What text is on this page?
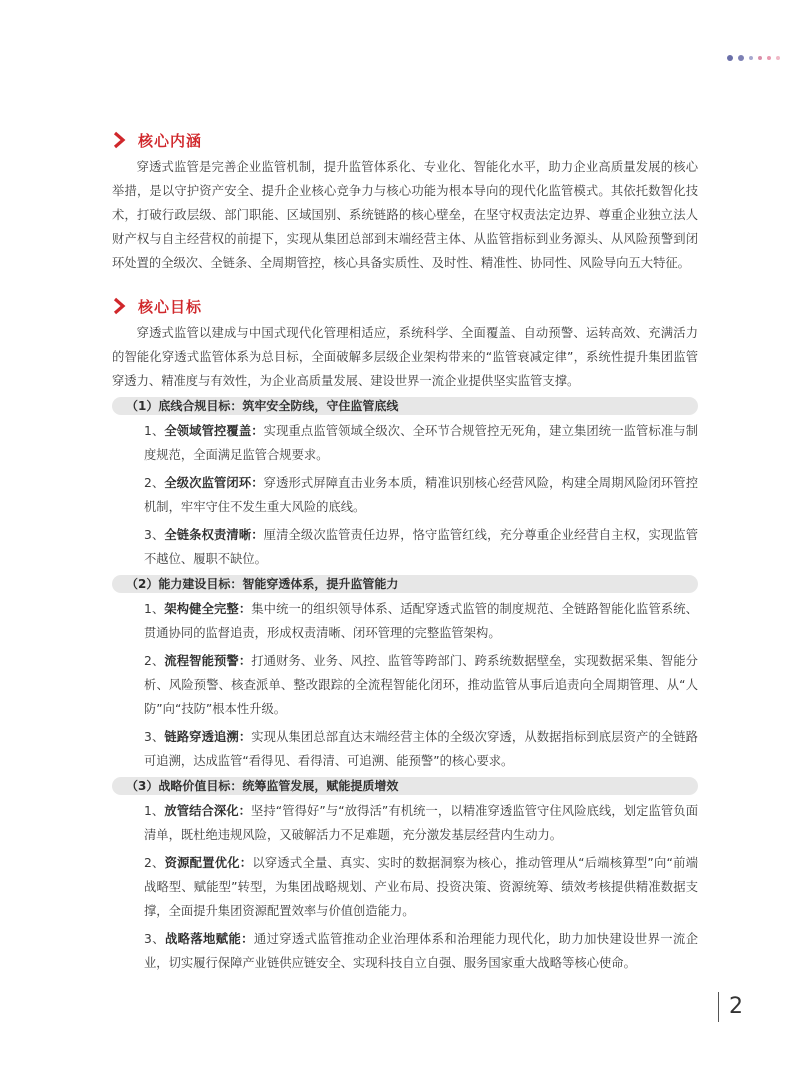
核心内涵

穿透式监管是完善企业监管机制，提升监管体系化、专业化、智能化水平，助力企业高质量发展的核心举措，是以守护资产安全、提升企业核心竞争力与核心功能为根本导向的现代化监管模式。其依托数智化技术，打破行政层级、部门职能、区域国别、系统链路的核心壁垒，在坚守权责法定边界、尊重企业独立法人财产权与自主经营权的前提下，实现从集团总部到末端经营主体、从监管指标到业务源头、从风险预警到闭环处置的全级次、全链条、全周期管控，核心具备实质性、及时性、精准性、协同性、风险导向五大特征。

核心目标

穿透式监管以建成与中国式现代化管理相适应，系统科学、全面覆盖、自动预警、运转高效、充满活力的智能化穿透式监管体系为总目标，全面破解多层级企业架构带来的“监管衰减定律”，系统性提升集团监管穿透力、精准度与有效性，为企业高质量发展、建设世界一流企业提供坚实监管支撑。

（1）底线合规目标：筑牢安全防线，守住监管底线
1、全领域管控覆盖：实现重点监管领域全级次、全环节合规管控无死角，建立集团统一监管标准与制度规范，全面满足监管合规要求。
2、全级次监管闭环：穿透形式屏障直击业务本质，精准识别核心经营风险，构建全周期风险闭环管控机制，牢牢守住不发生重大风险的底线。
3、全链条权责清晰：厘清全级次监管责任边界，恪守监管红线，充分尊重企业经营自主权，实现监管不越位、履职不缺位。
（2）能力建设目标：智能穿透体系，提升监管能力
1、架构健全完整：集中统一的组织领导体系、适配穿透式监管的制度规范、全链路智能化监管系统、贯通协同的监督追责，形成权责清晰、闭环管理的完整监管架构。
2、流程智能预警：打通财务、业务、风控、监管等跨部门、跨系统数据壁垒，实现数据采集、智能分析、风险预警、核查派单、整改跟踪的全流程智能化闭环，推动监管从事后追责向全周期管理、从“人防”向“技防”根本性升级。
3、链路穿透追溯：实现从集团总部直达末端经营主体的全级次穿透，从数据指标到底层资产的全链路可追溯，达成监管“看得见、看得清、可追溯、能预警”的核心要求。
（3）战略价值目标：统筹监管发展，赋能提质增效
1、放管结合深化：坚持“管得好”与“放得活”有机统一，以精准穿透监管守住风险底线，划定监管负面清单，既杜绝违规风险，又破解活力不足难题，充分激发基层经营内生动力。
2、资源配置优化：以穿透式全量、真实、实时的数据洞察为核心，推动管理从“后端核算型”向“前端战略型、赋能型”转型，为集团战略规划、产业布局、投资决策、资源统筹、绩效考核提供精准数据支撑，全面提升集团资源配置效率与价值创造能力。
3、战略落地赋能：通过穿透式监管推动企业治理体系和治理能力现代化，助力加快建设世界一流企业，切实履行保障产业链供应链安全、实现科技自立自强、服务国家重大战略等核心使命。
2
